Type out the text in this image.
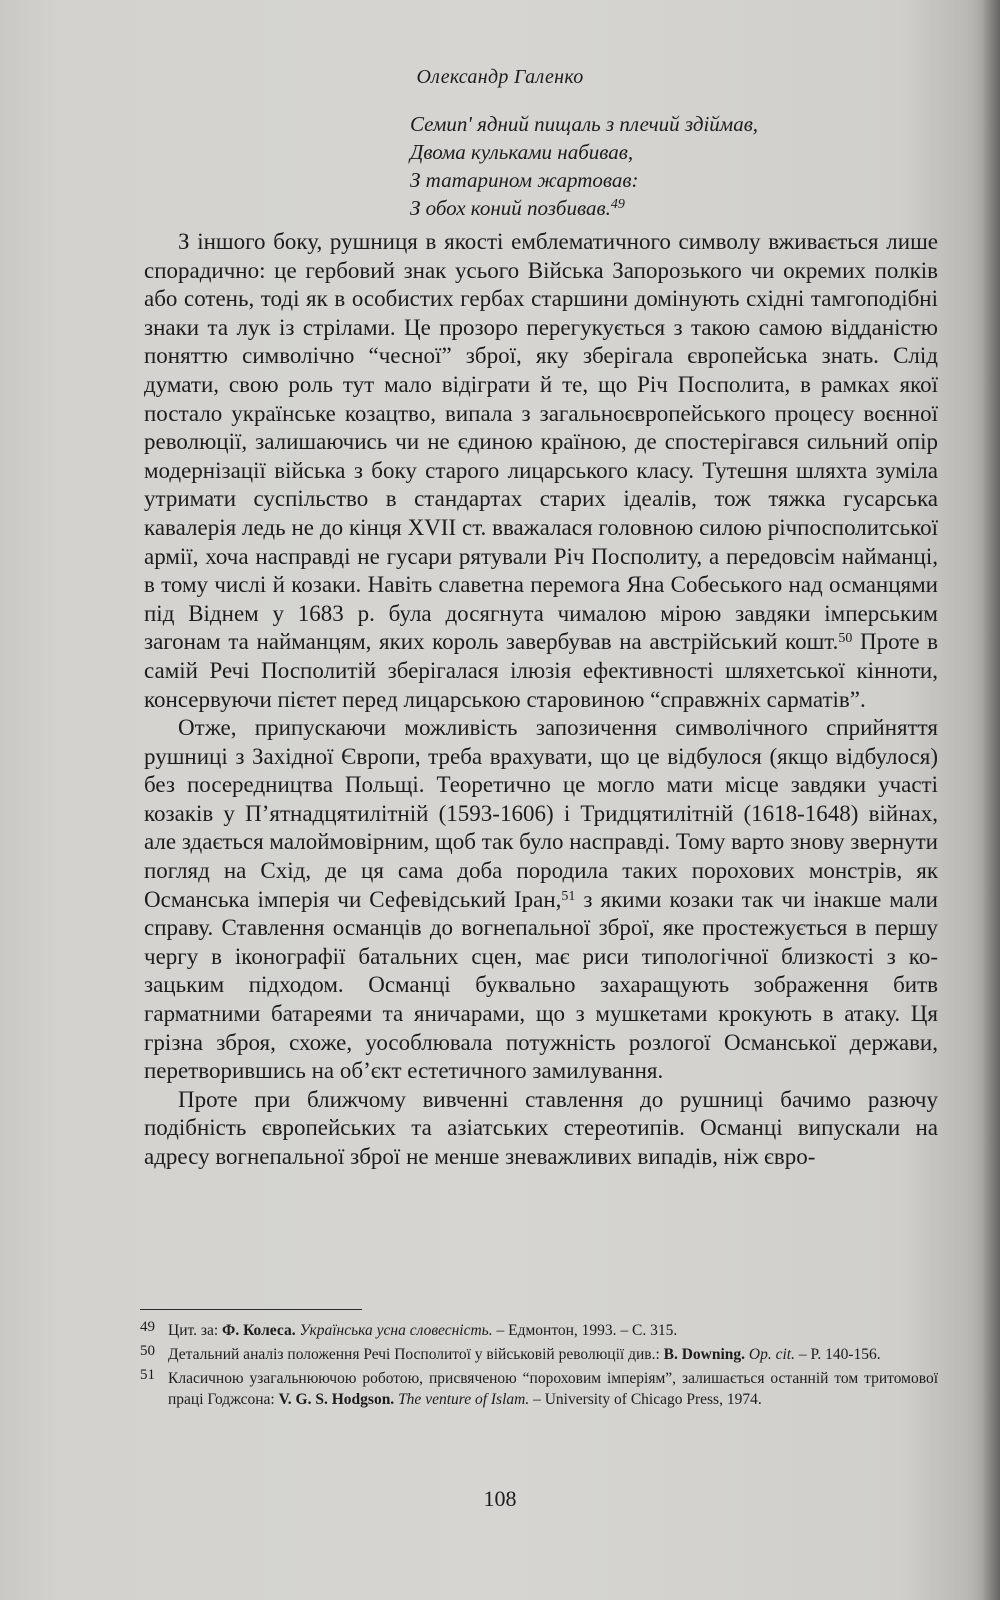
Олександр Галенко
Семип' ядний пищаль з плечий здіймав,
Двома кульками набивав,
З татарином жартовав:
З обох коний позбивав.$^{49}$

З іншого боку, рушниця в якості емблематичного символу вживається лише спорадично: це гербовий знак усього Війська Запорозького чи окремих полків або сотень, тоді як в особистих гербах старшини домінують східні тамгоподібні знаки та лук із стрілами. Це прозоро перегукується з такою самою відданістю поняттю символічно “чесної” зброї, яку зберігала європейська знать. Слід думати, свою роль тут мало відіграти й те, що Річ Посполита, в рамках якої постало українське козацтво, випала з загальноєвропейського процесу воєнної революції, залишаючись чи не єдиною країною, де спостерігався сильний опір модернізації війська з боку старого лицарського класу. Тутешня шляхта зуміла утримати суспільство в стандартах старих ідеалів, тож тяжка гусарська кавалерія ледь не до кінця XVII ст. вважалася головною силою річпосполитської армії, хоча насправді не гусари рятували Річ Посполиту, а передовсім найманці, в тому числі й козаки. Навіть славетна перемога Яна Собеського над османцями під Віднем у 1683 р. була досягнута чималою мірою завдяки імперським загонам та найманцям, яких король завербував на австрійський кошт.$^{50}$ Проте в самій Речі Посполитій зберігалася ілюзія ефективності шляхетської кінноти, консервуючи пієтет перед лицарською старовиною “справжніх сарматів”.

Отже, припускаючи можливість запозичення символічного сприйняття рушниці з Західної Європи, треба врахувати, що це відбулося (якщо відбулося) без посередництва Польщі. Теоретично це могло мати місце завдяки участі козаків у П’ятнадцятилітній (1593-1606) і Тридцятилітній (1618-1648) війнах, але здається малоймовірним, щоб так було насправді. Тому варто знову звернути погляд на Схід, де ця сама доба породила таких порохових монстрів, як Османська імперія чи Сефевідський Іран,$^{51}$ з якими козаки так чи інакше мали справу. Ставлення османців до вогнепальної зброї, яке простежується в першу чергу в іконографії батальних сцен, має риси типологічної близкості з козацьким підходом. Османці буквально захаращують зображення битв гарматними батареями та яничарами, що з мушкетами крокують в атаку. Ця грізна зброя, схоже, уособлювала потужність розлогої Османської держави, перетворившись на об’єкт естетичного замилування.

Проте при ближчому вивченні ставлення до рушниці бачимо разючу подібність європейських та азіатських стереотипів. Османці випускали на адресу вогнепальної зброї не менше зневажливих випадів, ніж євро-

49 Цит. за: Ф. Колеса. Українська усна словесність. – Едмонтон, 1993. – С. 315.
50 Детальний аналіз положення Речі Посполитої у військовій революції див.: B. Downing. Op. cit. – P. 140-156.
51 Класичною узагальнюючою роботою, присвяченою “пороховим імперіям”, залишається останній том тритомової праці Годжсона: V. G. S. Hodgson. The venture of Islam. – University of Chicago Press, 1974.
108
